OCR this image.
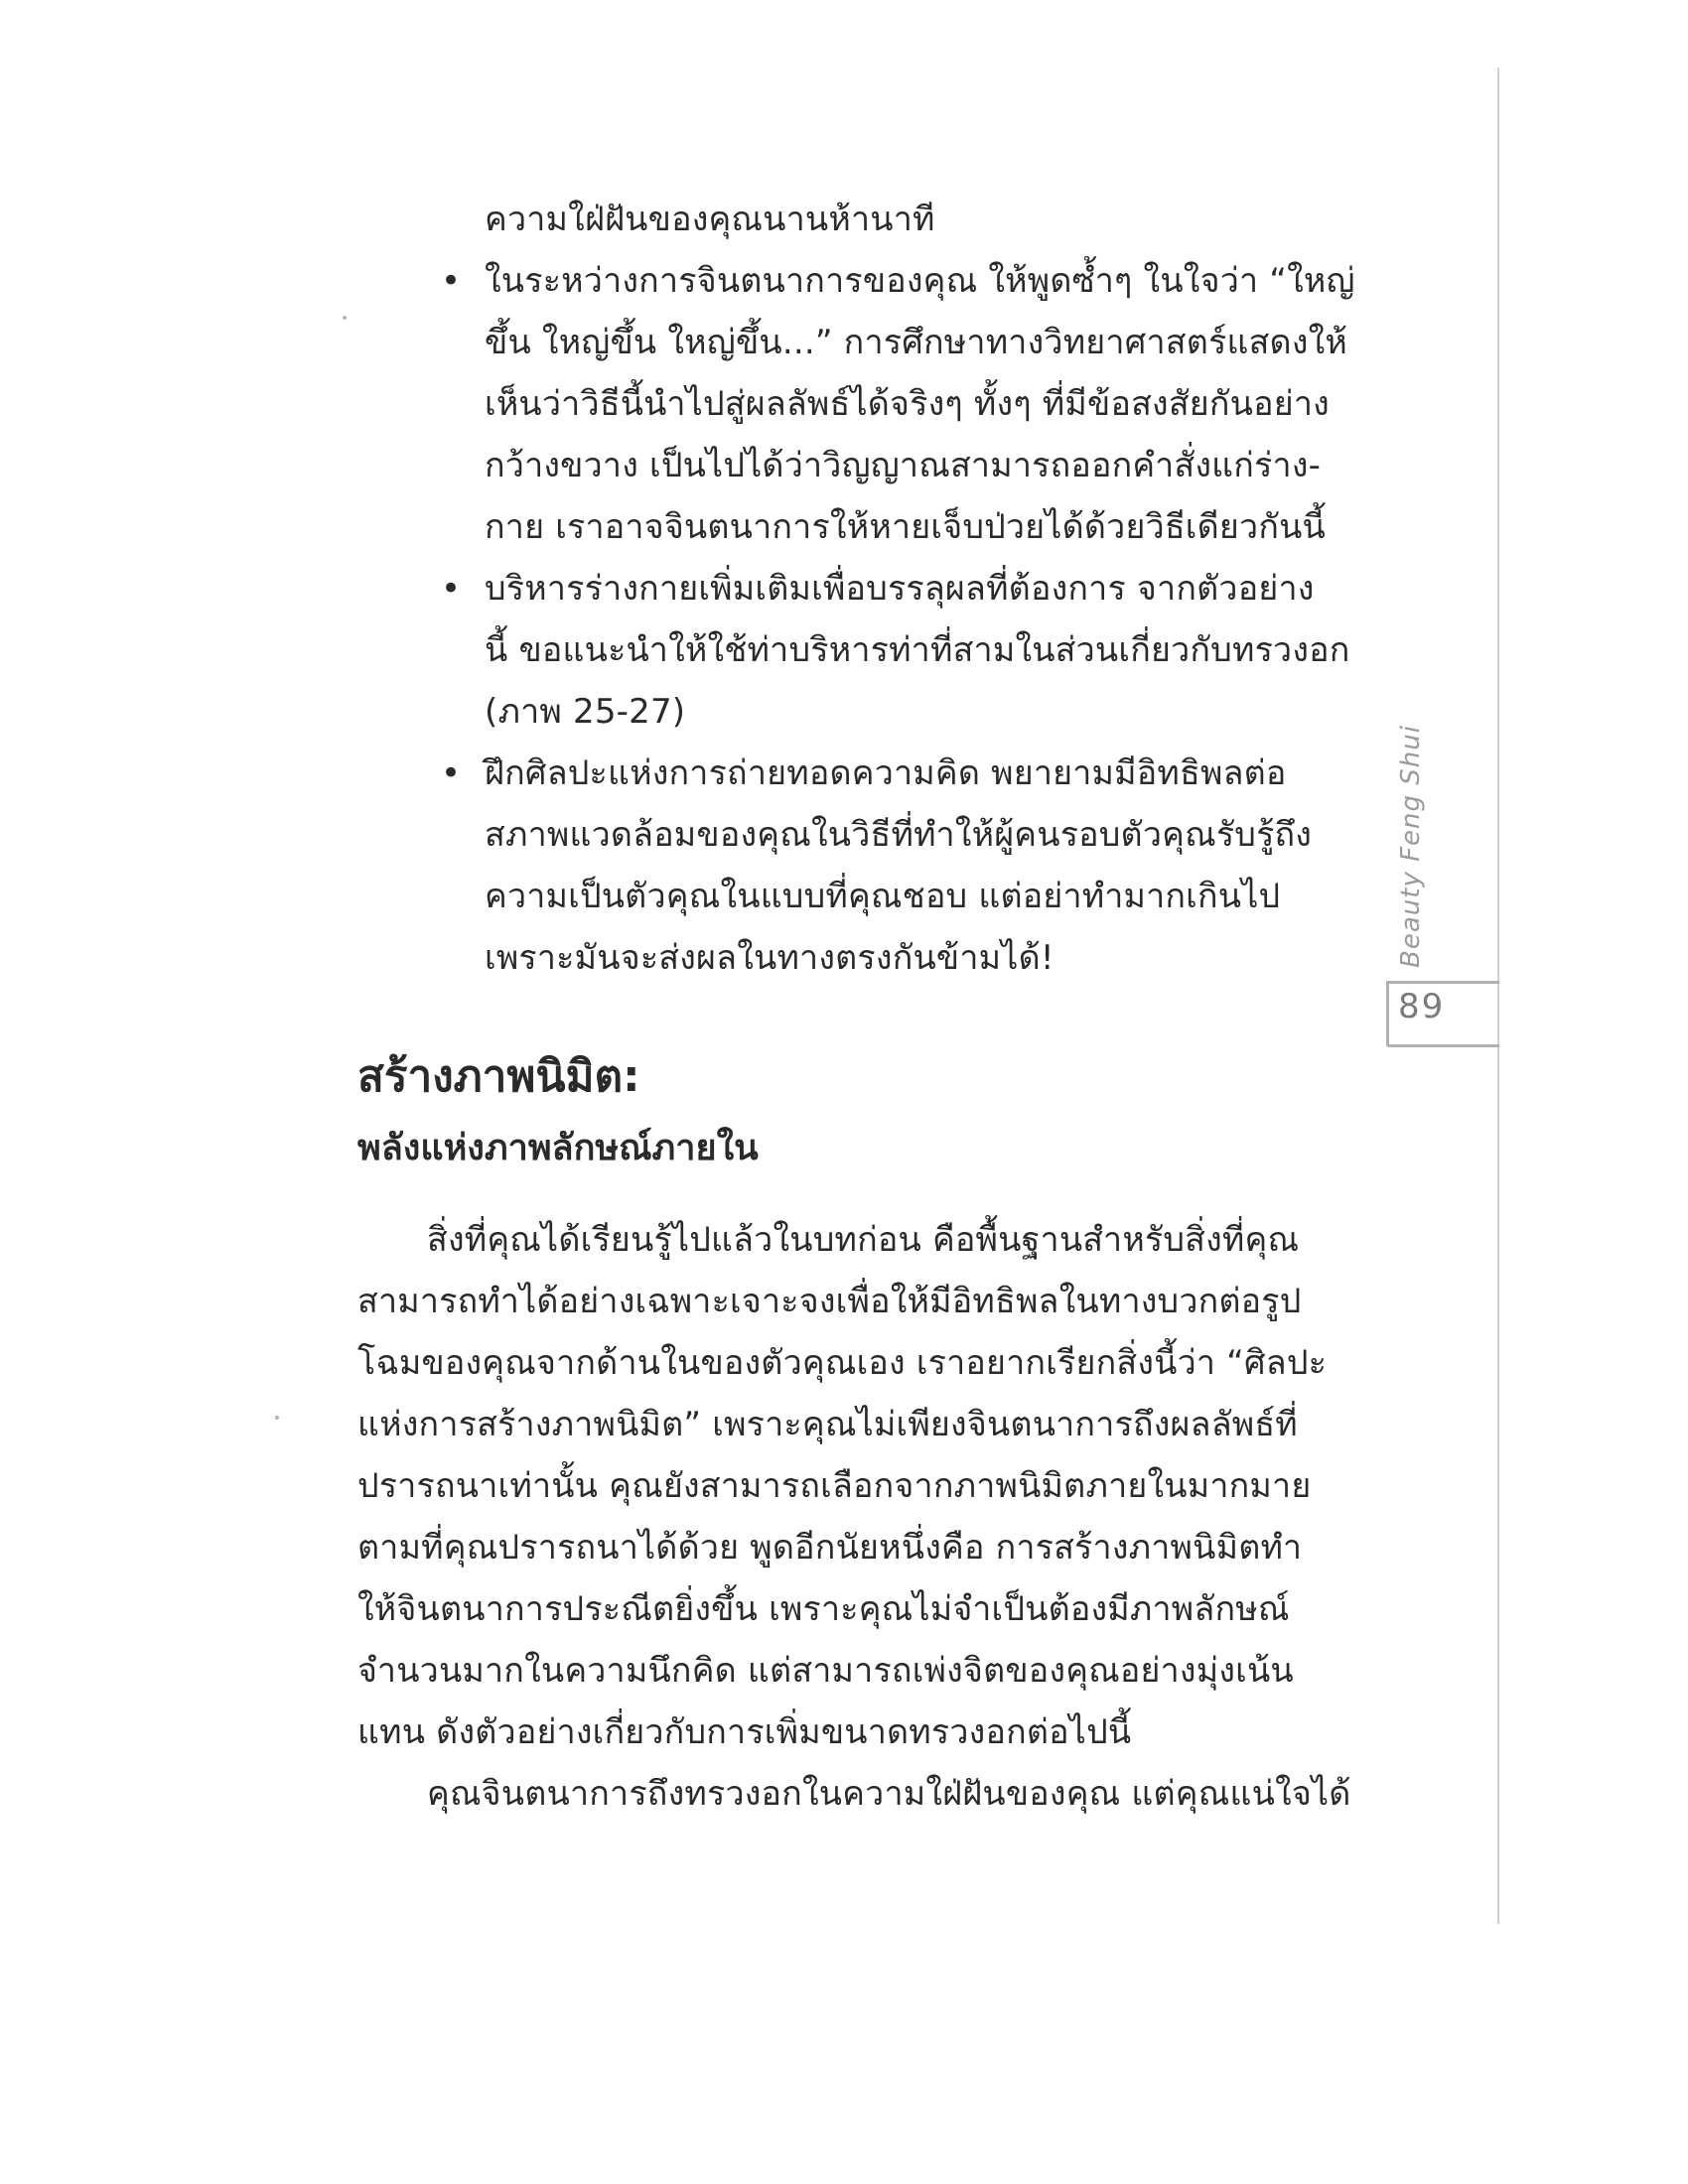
ความใฝ่ฝันของคุณนานห้านาที
• ในระหว่างการจินตนาการของคุณ ให้พูดซ้ำๆ ในใจว่า “ใหญ่
ขึ้น ใหญ่ขึ้น ใหญ่ขึ้น...” การศึกษาทางวิทยาศาสตร์แสดงให้
เห็นว่าวิธีนี้นำไปสู่ผลลัพธ์ได้จริงๆ ทั้งๆ ที่มีข้อสงสัยกันอย่าง
กว้างขวาง เป็นไปได้ว่าวิญญาณสามารถออกคำสั่งแก่ร่าง-
กาย เราอาจจินตนาการให้หายเจ็บป่วยได้ด้วยวิธีเดียวกันนี้
• บริหารร่างกายเพิ่มเติมเพื่อบรรลุผลที่ต้องการ จากตัวอย่าง
นี้ ขอแนะนำให้ใช้ท่าบริหารท่าที่สามในส่วนเกี่ยวกับทรวงอก
(ภาพ 25-27)
• ฝึกศิลปะแห่งการถ่ายทอดความคิด พยายามมีอิทธิพลต่อ
สภาพแวดล้อมของคุณในวิธีที่ทำให้ผู้คนรอบตัวคุณรับรู้ถึง
ความเป็นตัวคุณในแบบที่คุณชอบ แต่อย่าทำมากเกินไป
เพราะมันจะส่งผลในทางตรงกันข้ามได้!
สร้างภาพนิมิต:
พลังแห่งภาพลักษณ์ภายใน
สิ่งที่คุณได้เรียนรู้ไปแล้วในบทก่อน คือพื้นฐานสำหรับสิ่งที่คุณ
สามารถทำได้อย่างเฉพาะเจาะจงเพื่อให้มีอิทธิพลในทางบวกต่อรูป
โฉมของคุณจากด้านในของตัวคุณเอง เราอยากเรียกสิ่งนี้ว่า “ศิลปะ
แห่งการสร้างภาพนิมิต” เพราะคุณไม่เพียงจินตนาการถึงผลลัพธ์ที่
ปรารถนาเท่านั้น คุณยังสามารถเลือกจากภาพนิมิตภายในมากมาย
ตามที่คุณปรารถนาได้ด้วย พูดอีกนัยหนึ่งคือ การสร้างภาพนิมิตทำ
ให้จินตนาการประณีตยิ่งขึ้น เพราะคุณไม่จำเป็นต้องมีภาพลักษณ์
จำนวนมากในความนึกคิด แต่สามารถเพ่งจิตของคุณอย่างมุ่งเน้น
แทน ดังตัวอย่างเกี่ยวกับการเพิ่มขนาดทรวงอกต่อไปนี้
คุณจินตนาการถึงทรวงอกในความใฝ่ฝันของคุณ แต่คุณแน่ใจได้
Beauty Feng Shui
89
